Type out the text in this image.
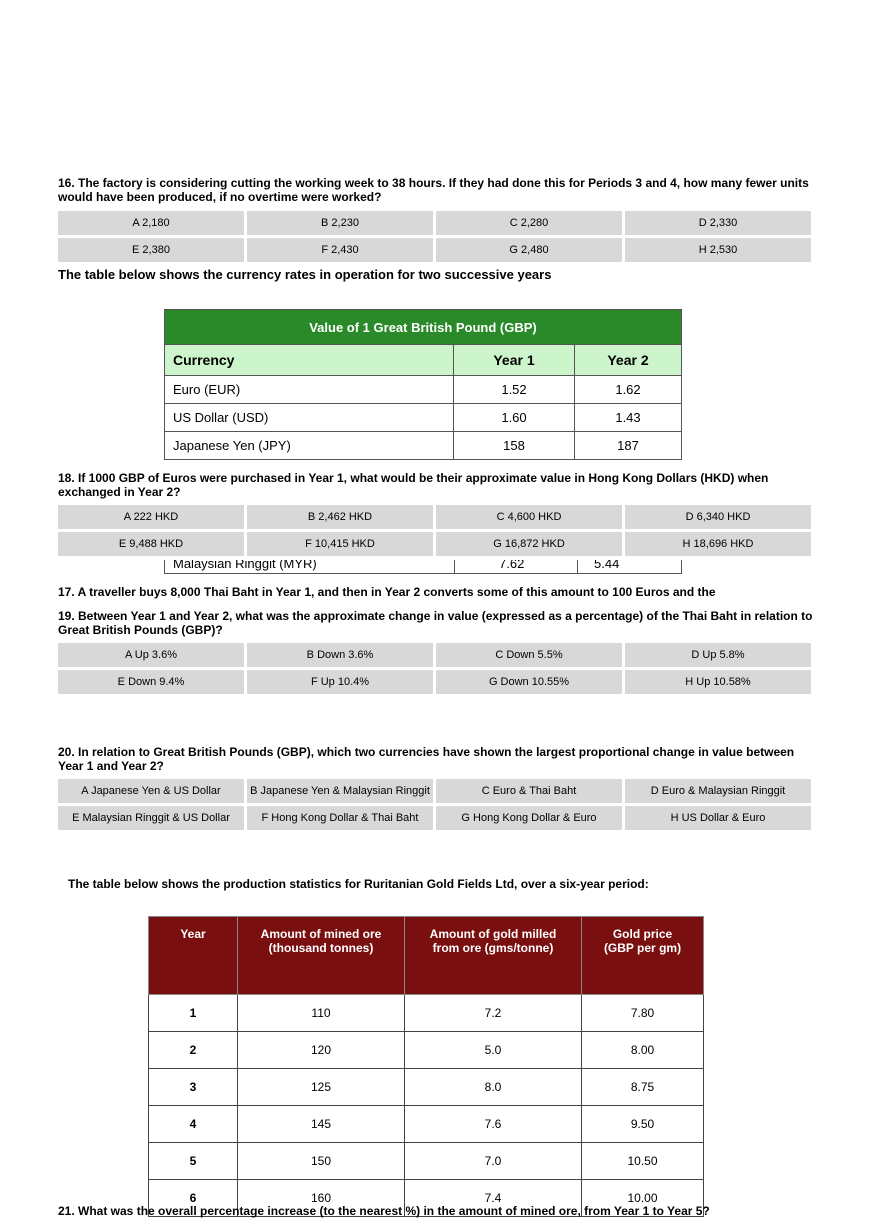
16. The factory is considering cutting the working week to 38 hours. If they had done this for Periods 3 and 4, how many fewer units would have been produced, if no overtime were worked?
A 2,180	B 2,230	C 2,280	D 2,330
E 2,380	F 2,430	G 2,480	H 2,530
The table below shows the currency rates in operation for two successive years
Value of 1 Great British Pound (GBP)		
Currency	Year 1	Year 2
Euro (EUR)	1.52	1.62
US Dollar (USD)	1.60	1.43
Japanese Yen (JPY)	158	187
18. If 1000 GBP of Euros were purchased in Year 1, what would be their approximate value in Hong Kong Dollars (HKD) when exchanged in Year 2?
A 222 HKD	B 2,462 HKD	C 4,600 HKD	D 6,340 HKD
E 9,488 HKD	F 10,415 HKD	G 16,872 HKD	H 18,696 HKD
Malaysian Ringgit (MYR)	7.62	5.44
17. A traveller buys 8,000 Thai Baht in Year 1, and then in Year 2 converts some of this amount to 100 Euros and the

19. Between Year 1 and Year 2, what was the approximate change in value (expressed as a percentage) of the Thai Baht in relation to Great British Pounds (GBP)?
A Up 3.6%	B Down 3.6%	C Down 5.5%	D Up 5.8%
E Down 9.4%	F Up 10.4%	G Down 10.55%	H Up 10.58%
20. In relation to Great British Pounds (GBP), which two currencies have shown the largest proportional change in value between Year 1 and Year 2?
A Japanese Yen & US Dollar	B Japanese Yen & Malaysian Ringgit	C Euro & Thai Baht	D Euro & Malaysian Ringgit
E Malaysian Ringgit & US Dollar	F Hong Kong Dollar & Thai Baht	G Hong Kong Dollar & Euro	H US Dollar & Euro
The table below shows the production statistics for Ruritanian Gold Fields Ltd, over a six-year period:
Year	Amount of mined ore (thousand tonnes)	Amount of gold milled from ore (gms/tonne)	Gold price (GBP per gm)
1	110	7.2	7.80
2	120	5.0	8.00
3	125	8.0	8.75
4	145	7.6	9.50
5	150	7.0	10.50
6	160	7.4	10.00
21. What was the overall percentage increase (to the nearest %) in the amount of mined ore, from Year 1 to Year 5?
